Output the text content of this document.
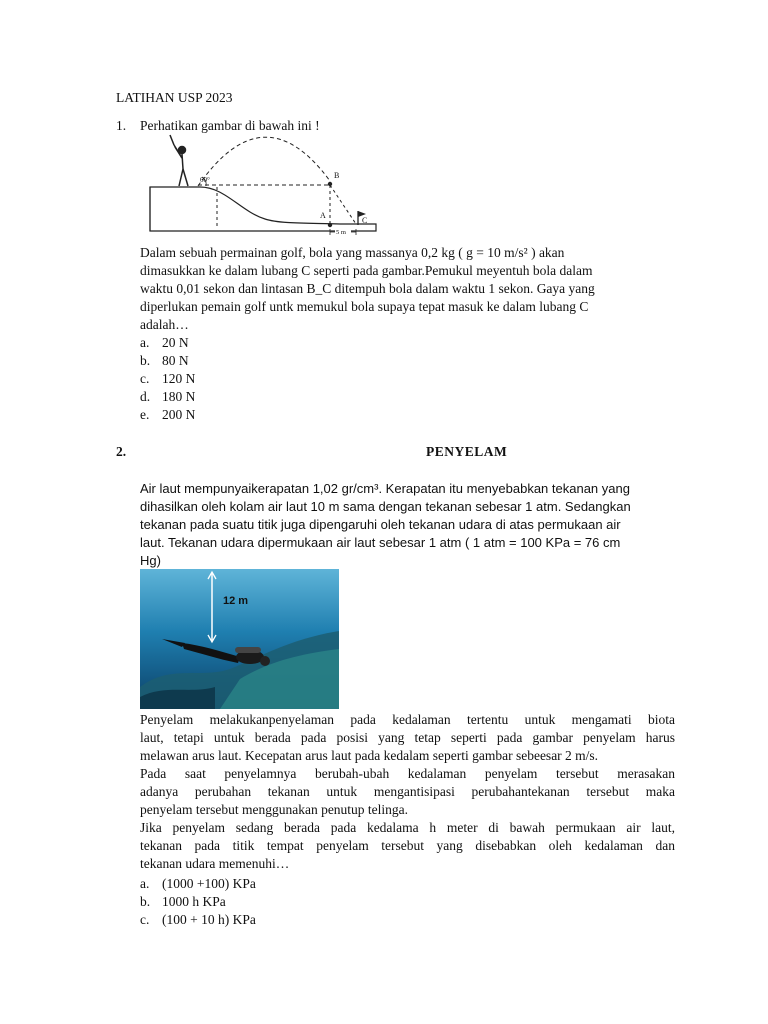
LATIHAN USP 2023
1. Perhatikan gambar di bawah ini !
60°	B
A
C
5 m
Dalam sebuah permainan golf, bola yang massanya 0,2 kg ( g = 10 m/s² ) akan
dimasukkan ke dalam lubang C seperti pada gambar.Pemukul meyentuh bola dalam
waktu 0,01 sekon dan lintasan B_C ditempuh bola dalam waktu 1 sekon. Gaya yang
diperlukan pemain golf untk memukul bola supaya tepat masuk ke dalam lubang C
adalah…
a. 20 N
b. 80 N
c. 120 N
d. 180 N
e. 200 N
2.	PENYELAM
Air laut mempunyaikerapatan 1,02 gr/cm³. Kerapatan itu menyebabkan tekanan yang
dihasilkan oleh kolam air laut 10 m sama dengan tekanan sebesar 1 atm. Sedangkan
tekanan pada suatu titik juga dipengaruhi oleh tekanan udara di atas permukaan air
laut. Tekanan udara dipermukaan air laut sebesar 1 atm ( 1 atm = 100 KPa = 76 cm
Hg)
12 m
Penyelam melakukanpenyelaman pada kedalaman tertentu untuk mengamati biota
laut, tetapi untuk berada pada posisi yang tetap seperti pada gambar penyelam harus
melawan arus laut. Kecepatan arus laut pada kedalam seperti gambar sebeesar 2 m/s.
Pada saat penyelamnya berubah-ubah kedalaman penyelam tersebut merasakan
adanya perubahan tekanan untuk mengantisipasi perubahantekanan tersebut maka
penyelam tersebut menggunakan penutup telinga.
Jika penyelam sedang berada pada kedalama h meter di bawah permukaan air laut,
tekanan pada titik tempat penyelam tersebut yang disebabkan oleh kedalaman dan
tekanan udara memenuhi…
a. (1000 +100) KPa
b. 1000 h KPa
c. (100 + 10 h) KPa
